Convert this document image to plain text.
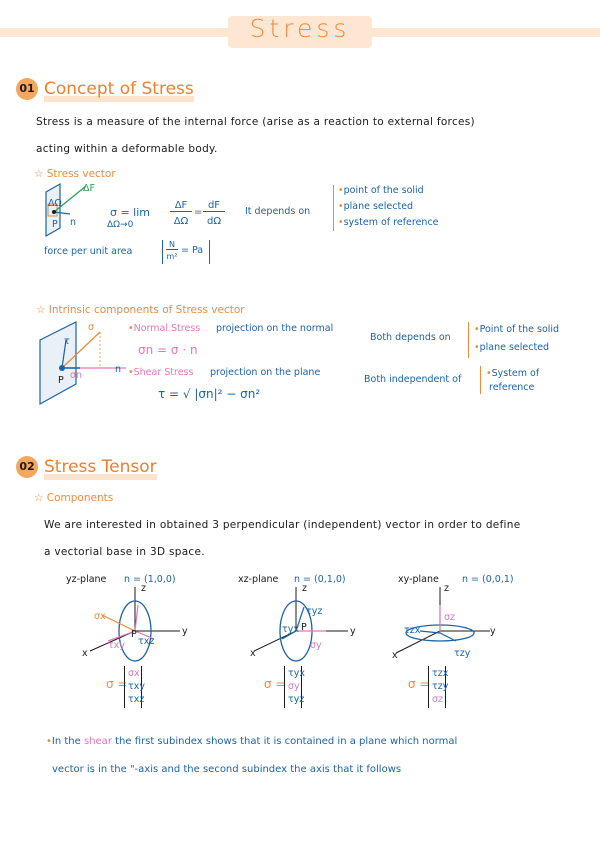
Stress
01 Concept of Stress
Stress is a measure of the internal force (arise as a reaction to external forces)
acting within a deformable body.
☆ Stress vector
ΔΩ
P n
ΔF
σ = lim
ΔΩ→0
ΔF
ΔΩ
=
dF
dΩ
It depends on
•point of the solid
•plane selected
•system of reference
force per unit area
N
m²
= Pa
☆ Intrinsic components of Stress vector
σ
τ
σn
P
n
•Normal Stress projection on the normal
σn = σ · n
•Shear Stress projection on the plane
τ = √ |σn|² − σn²
Both depends on
•Point of the solid
•plane selected
Both independent of
•System of
reference
02 Stress Tensor
☆ Components
We are interested in obtained 3 perpendicular (independent) vector in order to define
a vectorial base in 3D space.
yz-plane n = (1,0,0)
σx
τxy τxz
P
z
y
x
σ =
σx
τxy
τxz
xz-plane n = (0,1,0)
τyz
τyx
σy
P
z
y
x
σ =
τyx
σy
τyz
xy-plane n = (0,0,1)
σz
τzx
τzy
z
y
x
σ =
τzx
τzy
σz
•In the shear the first subindex shows that it is contained in a plane which normal
vector is in the "-axis and the second subindex the axis that it follows
